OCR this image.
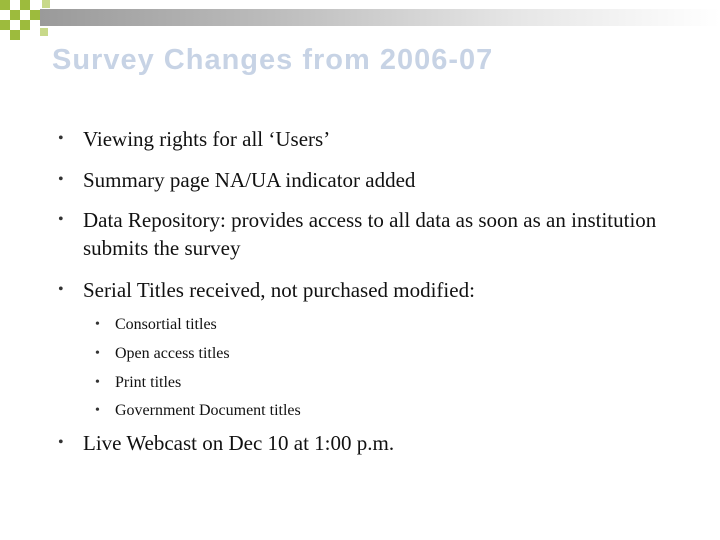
Survey Changes from 2006-07
• Viewing rights for all ‘Users’
• Summary page NA/UA indicator added
• Data Repository: provides access to all data as soon as an institution submits the survey
• Serial Titles received, not purchased modified:
• Consortial titles
• Open access titles
• Print titles
• Government Document titles
• Live Webcast on Dec 10 at 1:00 p.m.
